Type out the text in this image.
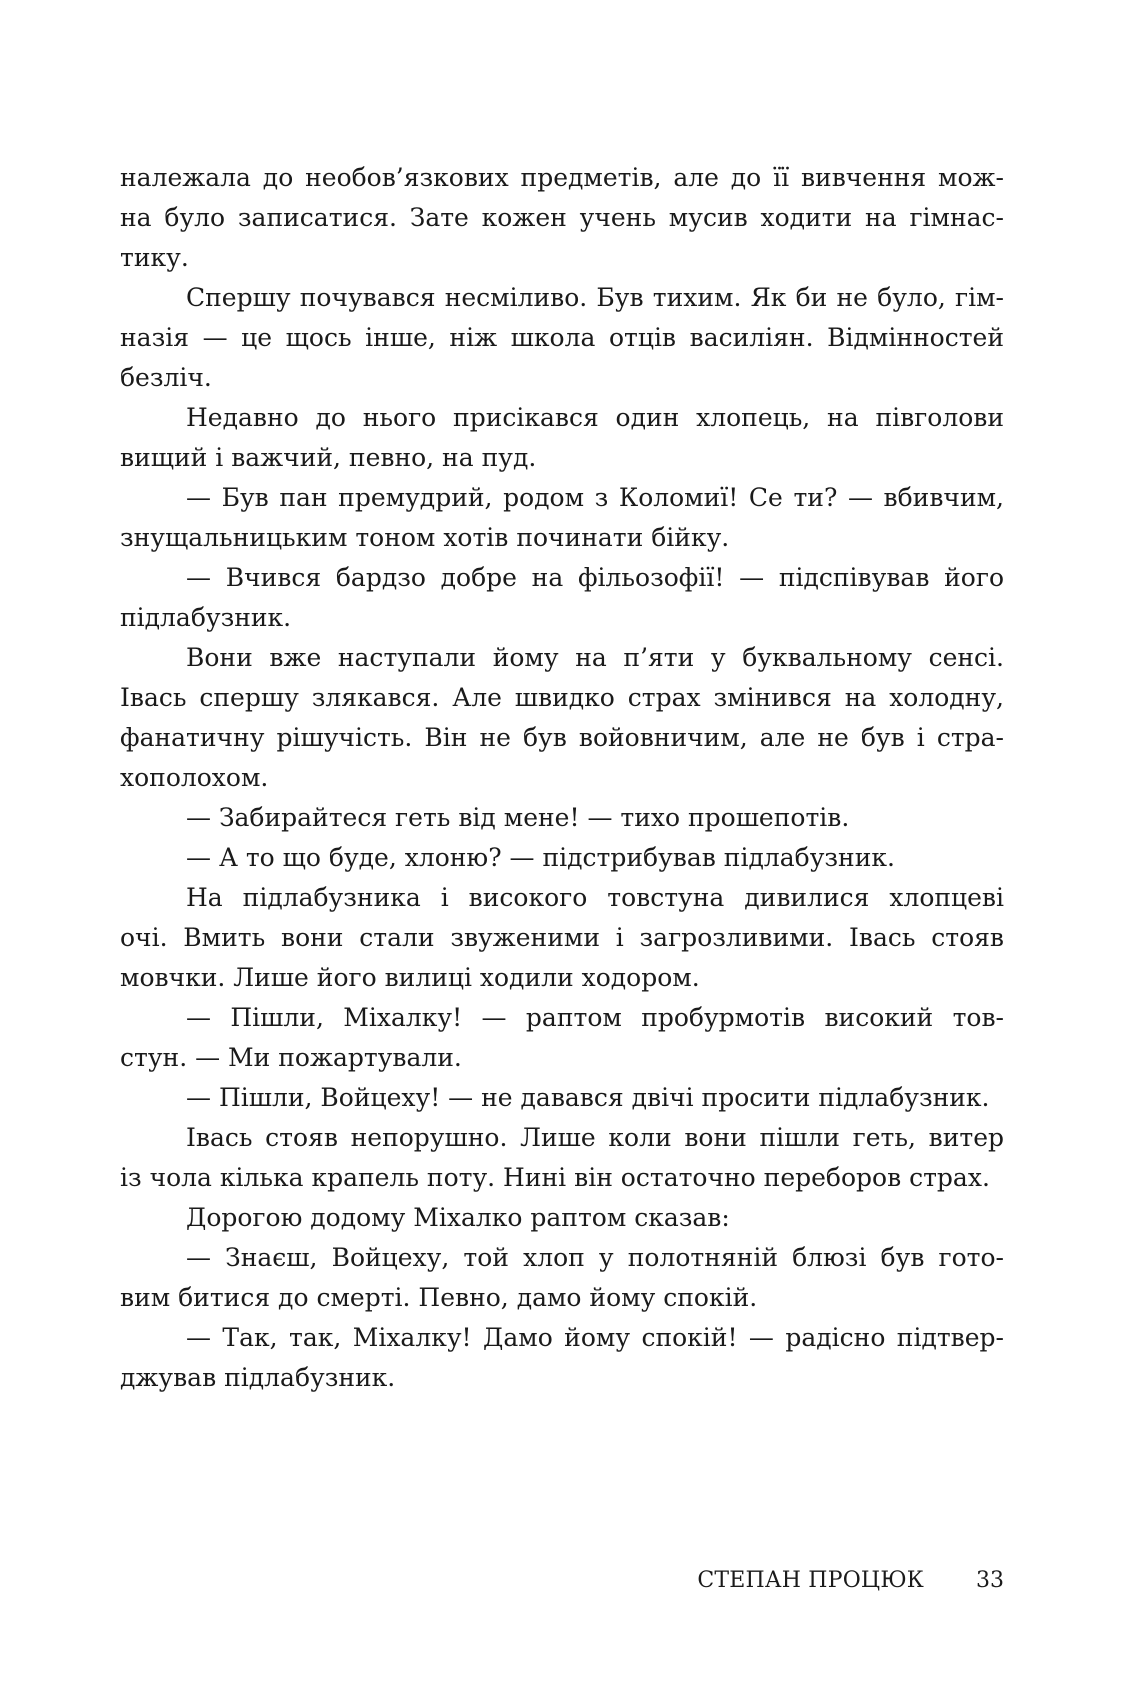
належала до необов’язкових предметів, але до її вивчення мож-
на було записатися. Зате кожен учень мусив ходити на гімнас-
тику.
Спершу почувався несміливо. Був тихим. Як би не було, гім-
назія — це щось інше, ніж школа отців василіян. Відмінностей
безліч.
Недавно до нього присікався один хлопець, на півголови
вищий і важчий, певно, на пуд.
— Був пан премудрий, родом з Коломиї! Се ти? — вбивчим,
знущальницьким тоном хотів починати бійку.
— Вчився бардзо добре на фільозофії! — підспівував його
підлабузник.
Вони вже наступали йому на п’яти у буквальному сенсі.
Івась спершу злякався. Але швидко страх змінився на холодну,
фанатичну рішучість. Він не був войовничим, але не був і стра-
хополохом.
— Забирайтеся геть від мене! — тихо прошепотів.
— А то що буде, хлоню? — підстрибував підлабузник.
На підлабузника і високого товстуна дивилися хлопцеві
очі. Вмить вони стали звуженими і загрозливими. Івась стояв
мовчки. Лише його вилиці ходили ходором.
— Пішли, Міхалку! — раптом пробурмотів високий тов-
стун. — Ми пожартували.
— Пішли, Войцеху! — не давався двічі просити підлабузник.
Івась стояв непорушно. Лише коли вони пішли геть, витер
із чола кілька крапель поту. Нині він остаточно переборов страх.
Дорогою додому Міхалко раптом сказав:
— Знаєш, Войцеху, той хлоп у полотняній блюзі був гото-
вим битися до смерті. Певно, дамо йому спокій.
— Так, так, Міхалку! Дамо йому спокій! — радісно підтвер-
джував підлабузник.
СТЕПАН ПРОЦЮК 33
